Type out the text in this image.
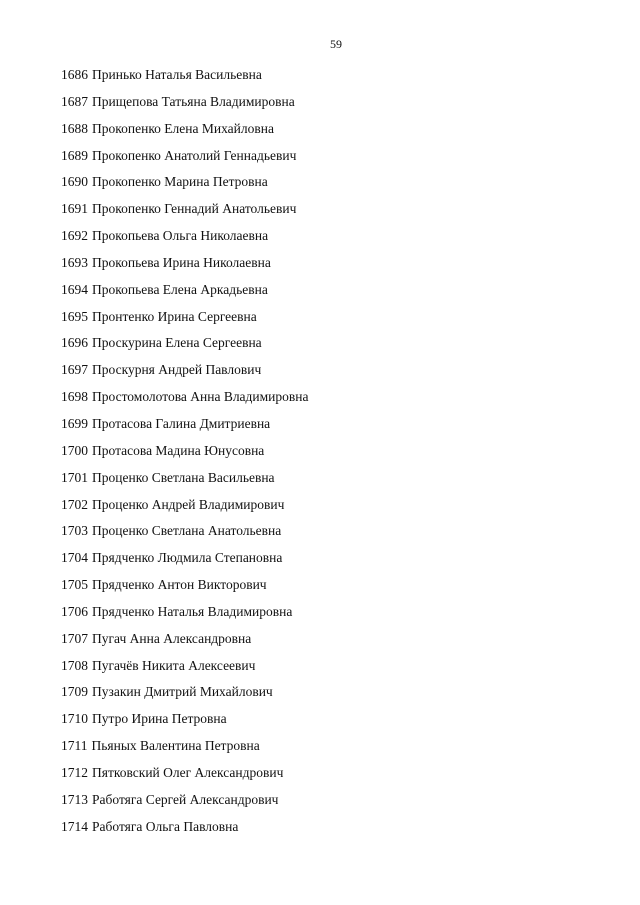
59
1686 Принько Наталья Васильевна
1687 Прищепова Татьяна Владимировна
1688 Прокопенко Елена Михайловна
1689 Прокопенко Анатолий Геннадьевич
1690 Прокопенко Марина Петровна
1691 Прокопенко Геннадий Анатольевич
1692 Прокопьева Ольга Николаевна
1693 Прокопьева Ирина Николаевна
1694 Прокопьева Елена Аркадьевна
1695 Пронтенко Ирина Сергеевна
1696 Проскурина Елена Сергеевна
1697 Проскурня Андрей Павлович
1698 Простомолотова Анна Владимировна
1699 Протасова Галина Дмитриевна
1700 Протасова Мадина Юнусовна
1701 Проценко Светлана Васильевна
1702 Проценко Андрей Владимирович
1703 Проценко Светлана Анатольевна
1704 Прядченко Людмила Степановна
1705 Прядченко Антон Викторович
1706 Прядченко Наталья Владимировна
1707 Пугач Анна Александровна
1708 Пугачёв Никита Алексеевич
1709 Пузакин Дмитрий Михайлович
1710 Путро Ирина Петровна
1711 Пьяных Валентина Петровна
1712 Пятковский Олег Александрович
1713 Работяга Сергей Александрович
1714 Работяга Ольга Павловна
